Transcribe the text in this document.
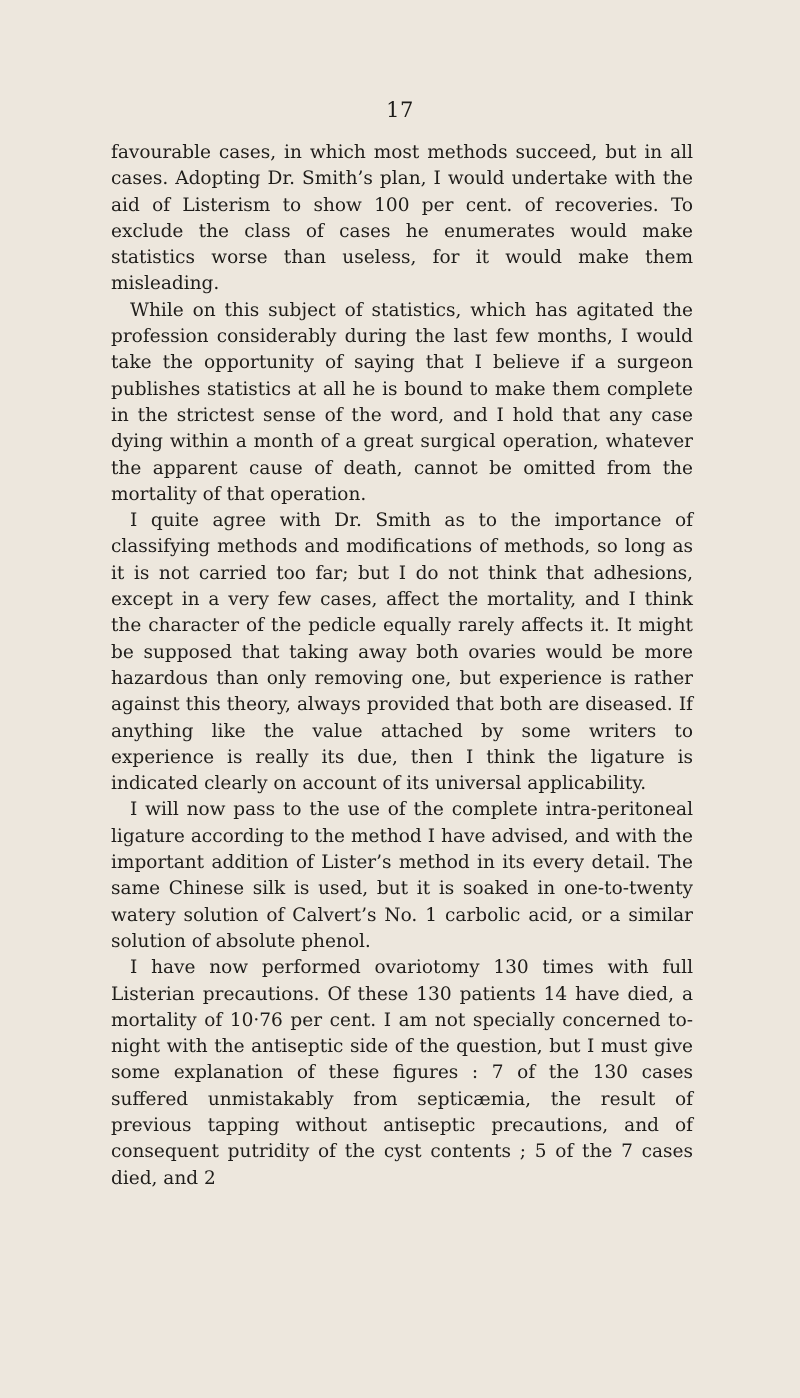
17

favourable cases, in which most methods succeed, but in all cases. Adopting Dr. Smith’s plan, I would undertake with the aid of Listerism to show 100 per cent. of recoveries. To exclude the class of cases he enumerates would make statistics worse than useless, for it would make them misleading.

While on this subject of statistics, which has agitated the profession considerably during the last few months, I would take the opportunity of saying that I believe if a surgeon publishes statistics at all he is bound to make them complete in the strictest sense of the word, and I hold that any case dying within a month of a great surgical operation, whatever the apparent cause of death, cannot be omitted from the mortality of that operation.

I quite agree with Dr. Smith as to the importance of classifying methods and modifications of methods, so long as it is not carried too far; but I do not think that adhesions, except in a very few cases, affect the mortality, and I think the character of the pedicle equally rarely affects it. It might be supposed that taking away both ovaries would be more hazardous than only removing one, but experience is rather against this theory, always provided that both are diseased. If anything like the value attached by some writers to experience is really its due, then I think the ligature is indicated clearly on account of its universal applicability.

I will now pass to the use of the complete intra-peritoneal ligature according to the method I have advised, and with the important addition of Lister’s method in its every detail. The same Chinese silk is used, but it is soaked in one-to-twenty watery solution of Calvert’s No. 1 carbolic acid, or a similar solution of absolute phenol.

I have now performed ovariotomy 130 times with full Listerian precautions. Of these 130 patients 14 have died, a mortality of 10·76 per cent. I am not specially concerned to-night with the antiseptic side of the question, but I must give some explanation of these figures : 7 of the 130 cases suffered unmistakably from septicæmia, the result of previous tapping without antiseptic precautions, and of consequent putridity of the cyst contents ; 5 of the 7 cases died, and 2
